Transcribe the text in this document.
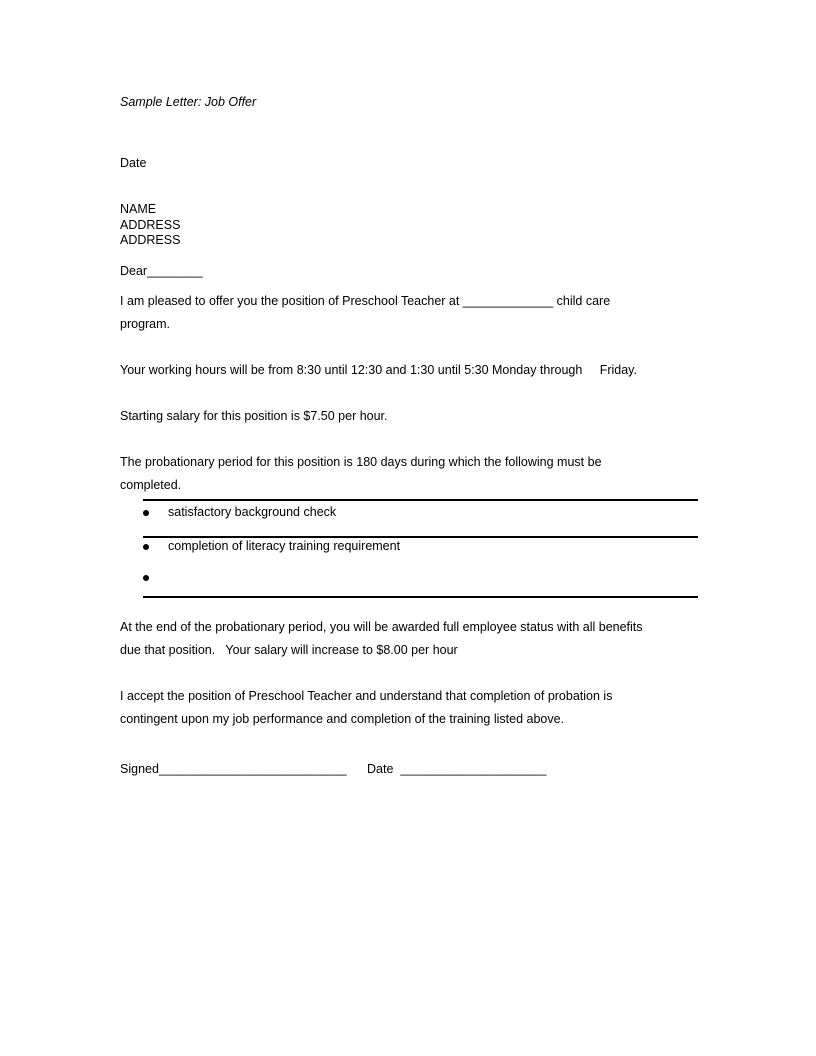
Sample Letter: Job Offer
Date
NAME
ADDRESS
ADDRESS
Dear________
I am pleased to offer you the position of Preschool Teacher at _____________ child care
program.
Your working hours will be from 8:30 until 12:30 and 1:30 until 5:30 Monday through     Friday.
Starting salary for this position is $7.50 per hour.
The probationary period for this position is 180 days during which the following must be
completed.
satisfactory background check
completion of literacy training requirement
At the end of the probationary period, you will be awarded full employee status with all benefits
due that position.   Your salary will increase to $8.00 per hour
I accept the position of Preschool Teacher and understand that completion of probation is
contingent upon my job performance and completion of the training listed above.
Signed___________________________ Date  _____________________
